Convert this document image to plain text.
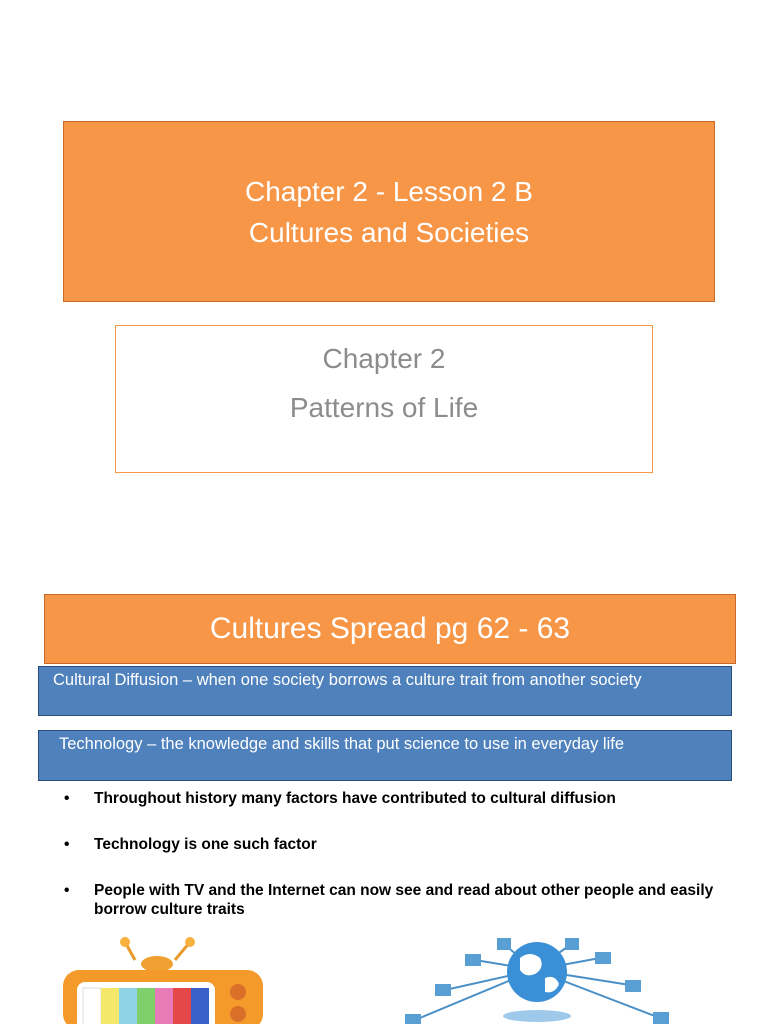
Chapter 2 - Lesson 2 B
Cultures and Societies
Chapter 2
Patterns of Life
Cultures Spread pg 62 - 63
Cultural Diffusion – when one society borrows a culture trait from another society
Technology – the knowledge and skills that put science to use in everyday life
• Throughout history many factors have contributed to cultural diffusion
• Technology is one such factor
• People with TV and the Internet can now see and read about other people and easily borrow culture traits
